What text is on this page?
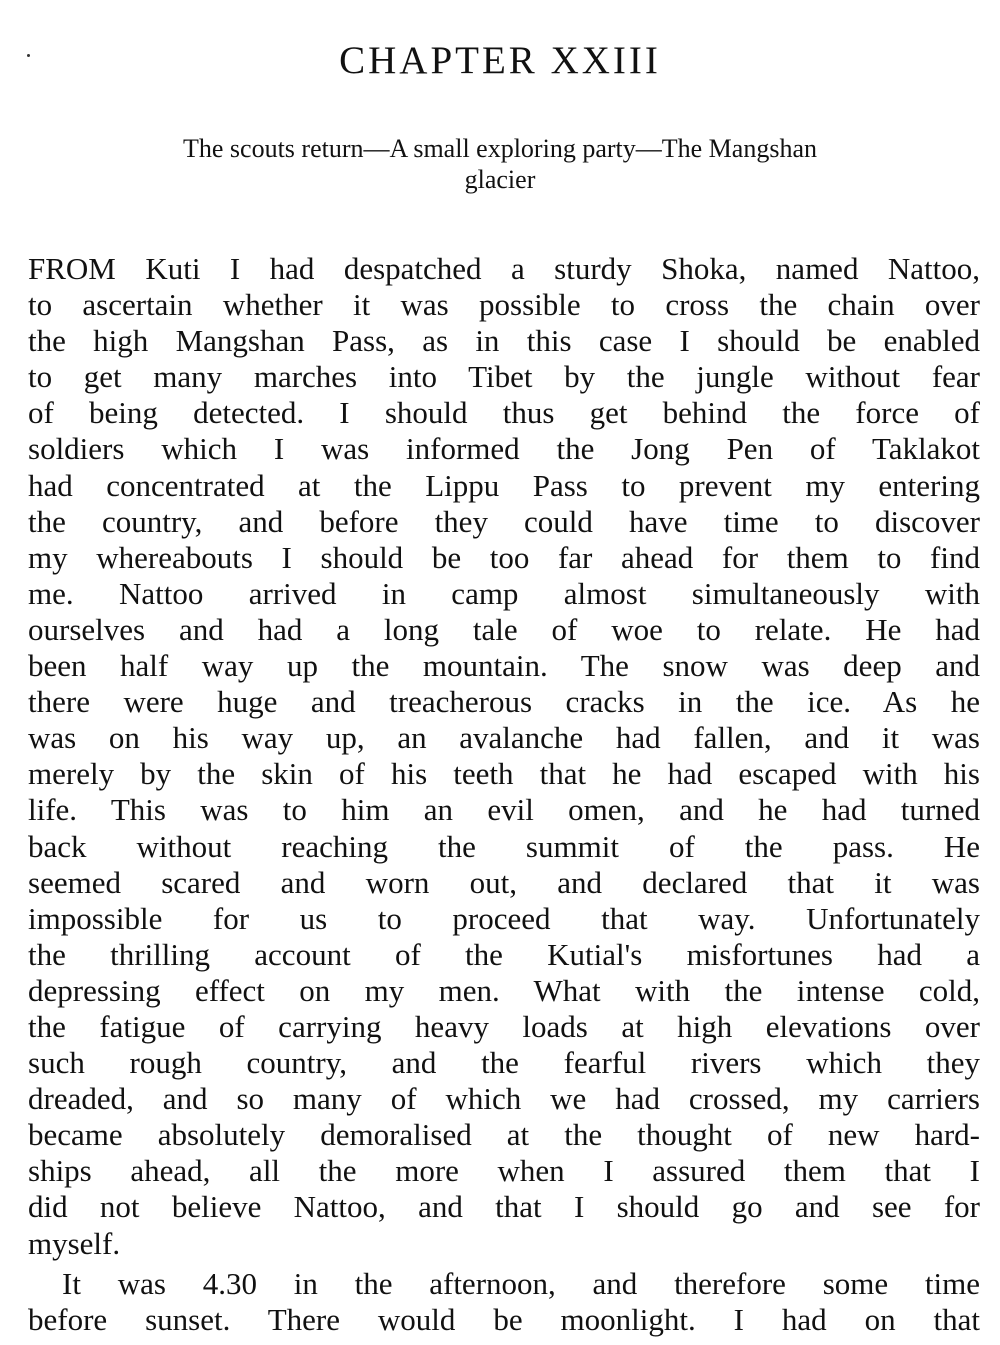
CHAPTER XXIII
The scouts return—A small exploring party—The Mangshan
glacier
FROM Kuti I had despatched a sturdy Shoka, named Nattoo,
to ascertain whether it was possible to cross the chain over
the high Mangshan Pass, as in this case I should be enabled
to get many marches into Tibet by the jungle without fear
of being detected. I should thus get behind the force of
soldiers which I was informed the Jong Pen of Taklakot
had concentrated at the Lippu Pass to prevent my entering
the country, and before they could have time to discover
my whereabouts I should be too far ahead for them to find
me. Nattoo arrived in camp almost simultaneously with
ourselves and had a long tale of woe to relate. He had
been half way up the mountain. The snow was deep and
there were huge and treacherous cracks in the ice. As he
was on his way up, an avalanche had fallen, and it was
merely by the skin of his teeth that he had escaped with his
life. This was to him an evil omen, and he had turned
back without reaching the summit of the pass. He
seemed scared and worn out, and declared that it was
impossible for us to proceed that way. Unfortunately
the thrilling account of the Kutial's misfortunes had a
depressing effect on my men. What with the intense cold,
the fatigue of carrying heavy loads at high elevations over
such rough country, and the fearful rivers which they
dreaded, and so many of which we had crossed, my carriers
became absolutely demoralised at the thought of new hard-
ships ahead, all the more when I assured them that I
did not believe Nattoo, and that I should go and see for
myself.
It was 4.30 in the afternoon, and therefore some time
before sunset. There would be moonlight. I had on that
